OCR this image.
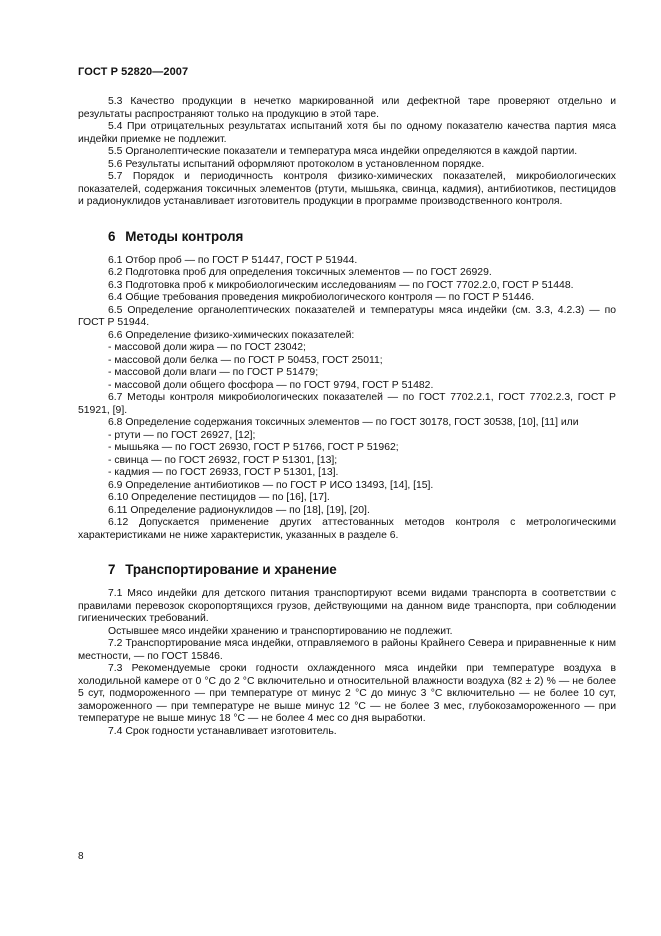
ГОСТ Р 52820—2007

5.3 Качество продукции в нечетко маркированной или дефектной таре проверяют отдельно и результаты распространяют только на продукцию в этой таре.

5.4 При отрицательных результатах испытаний хотя бы по одному показателю качества партия мяса индейки приемке не подлежит.

5.5 Органолептические показатели и температура мяса индейки определяются в каждой партии.

5.6 Результаты испытаний оформляют протоколом в установленном порядке.

5.7 Порядок и периодичность контроля физико-химических показателей, микробиологических показателей, содержания токсичных элементов (ртути, мышьяка, свинца, кадмия), антибиотиков, пестицидов и радионуклидов устанавливает изготовитель продукции в программе производственного контроля.

6 Методы контроля

6.1 Отбор проб — по ГОСТ Р 51447, ГОСТ Р 51944.

6.2 Подготовка проб для определения токсичных элементов — по ГОСТ 26929.

6.3 Подготовка проб к микробиологическим исследованиям — по ГОСТ 7702.2.0, ГОСТ Р 51448.

6.4 Общие требования проведения микробиологического контроля — по ГОСТ Р 51446.

6.5 Определение органолептических показателей и температуры мяса индейки (см. 3.3, 4.2.3) — по ГОСТ Р 51944.

6.6 Определение физико-химических показателей:

- массовой доли жира — по ГОСТ 23042;

- массовой доли белка — по ГОСТ Р 50453, ГОСТ 25011;

- массовой доли влаги — по ГОСТ Р 51479;

- массовой доли общего фосфора — по ГОСТ 9794, ГОСТ Р 51482.

6.7 Методы контроля микробиологических показателей — по ГОСТ 7702.2.1, ГОСТ 7702.2.3, ГОСТ Р 51921, [9].

6.8 Определение содержания токсичных элементов — по ГОСТ 30178, ГОСТ 30538, [10], [11] или

- ртути — по ГОСТ 26927, [12];

- мышьяка — по ГОСТ 26930, ГОСТ Р 51766, ГОСТ Р 51962;

- свинца — по ГОСТ 26932, ГОСТ Р 51301, [13];

- кадмия — по ГОСТ 26933, ГОСТ Р 51301, [13].

6.9 Определение антибиотиков — по ГОСТ Р ИСО 13493, [14], [15].

6.10 Определение пестицидов — по [16], [17].

6.11 Определение радионуклидов — по [18], [19], [20].

6.12 Допускается применение других аттестованных методов контроля с метрологическими характеристиками не ниже характеристик, указанных в разделе 6.

7 Транспортирование и хранение

7.1 Мясо индейки для детского питания транспортируют всеми видами транспорта в соответствии с правилами перевозок скоропортящихся грузов, действующими на данном виде транспорта, при соблюдении гигиенических требований.

Остывшее мясо индейки хранению и транспортированию не подлежит.

7.2 Транспортирование мяса индейки, отправляемого в районы Крайнего Севера и приравненные к ним местности, — по ГОСТ 15846.

7.3 Рекомендуемые сроки годности охлажденного мяса индейки при температуре воздуха в холодильной камере от 0 °С до 2 °С включительно и относительной влажности воздуха (82 ± 2) % — не более 5 сут, подмороженного — при температуре от минус 2 °С до минус 3 °С включительно — не более 10 сут, замороженного — при температуре не выше минус 12 °С — не более 3 мес, глубокозамороженного — при температуре не выше минус 18 °С — не более 4 мес со дня выработки.

7.4 Срок годности устанавливает изготовитель.

8
